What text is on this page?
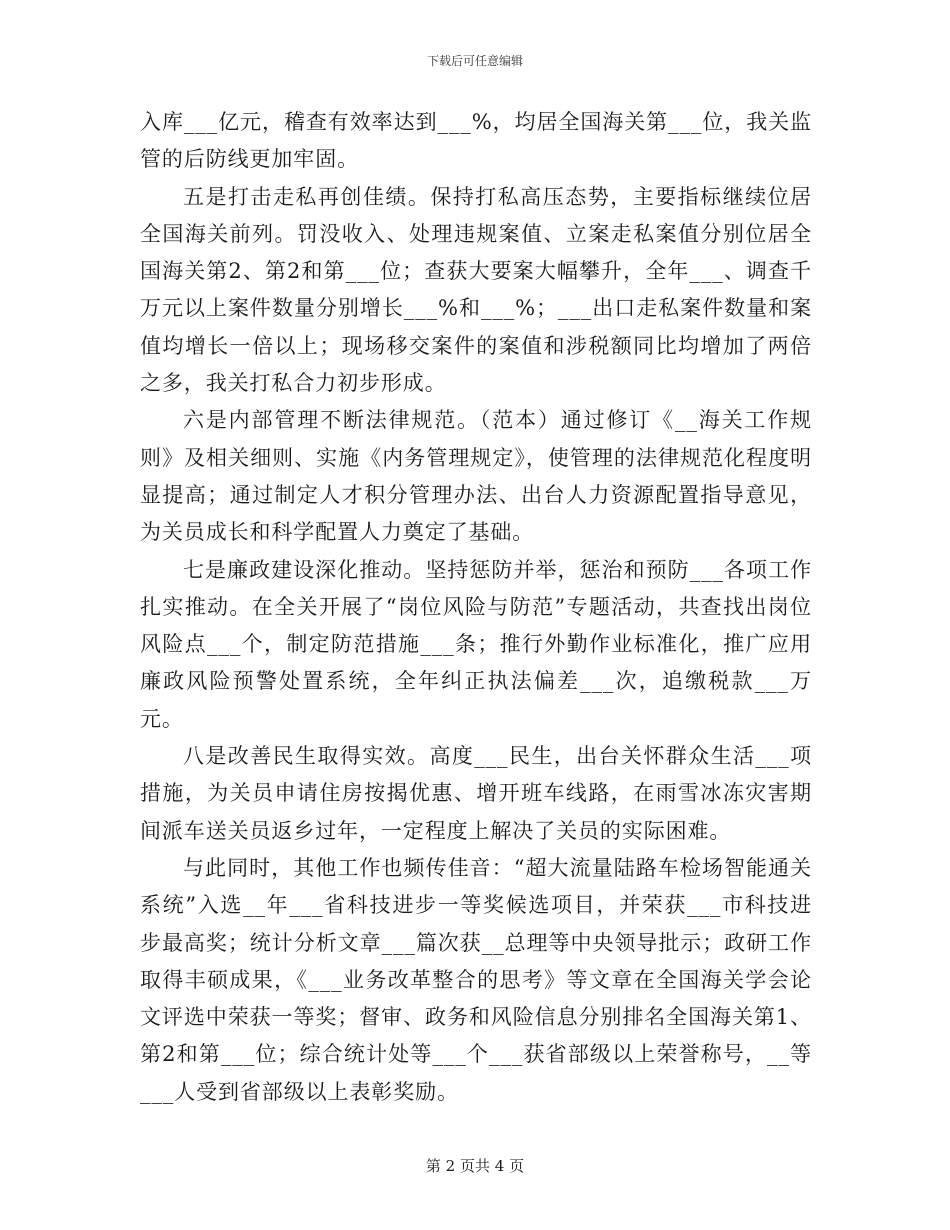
下载后可任意编辑

入库___亿元，稽查有效率达到___%，均居全国海关第___位，我关监管的后防线更加牢固。

五是打击走私再创佳绩。保持打私高压态势，主要指标继续位居全国海关前列。罚没收入、处理违规案值、立案走私案值分别位居全国海关第2、第2和第___位；查获大要案大幅攀升，全年___、调查千万元以上案件数量分别增长___%和___%；___出口走私案件数量和案值均增长一倍以上；现场移交案件的案值和涉税额同比均增加了两倍之多，我关打私合力初步形成。

六是内部管理不断法律规范。（范本）通过修订《__海关工作规则》及相关细则、实施《内务管理规定》，使管理的法律规范化程度明显提高；通过制定人才积分管理办法、出台人力资源配置指导意见，为关员成长和科学配置人力奠定了基础。

七是廉政建设深化推动。坚持惩防并举，惩治和预防___各项工作扎实推动。在全关开展了“岗位风险与防范”专题活动，共查找出岗位风险点___个，制定防范措施___条；推行外勤作业标准化，推广应用廉政风险预警处置系统，全年纠正执法偏差___次，追缴税款___万元。

八是改善民生取得实效。高度___民生，出台关怀群众生活___项措施，为关员申请住房按揭优惠、增开班车线路，在雨雪冰冻灾害期间派车送关员返乡过年，一定程度上解决了关员的实际困难。

与此同时，其他工作也频传佳音：“超大流量陆路车检场智能通关系统”入选__年___省科技进步一等奖候选项目，并荣获___市科技进步最高奖；统计分析文章___篇次获__总理等中央领导批示；政研工作取得丰硕成果，《___业务改革整合的思考》等文章在全国海关学会论文评选中荣获一等奖；督审、政务和风险信息分别排名全国海关第1、第2和第___位；综合统计处等___个___获省部级以上荣誉称号，__等___人受到省部级以上表彰奖励。

第 2 页共 4 页
